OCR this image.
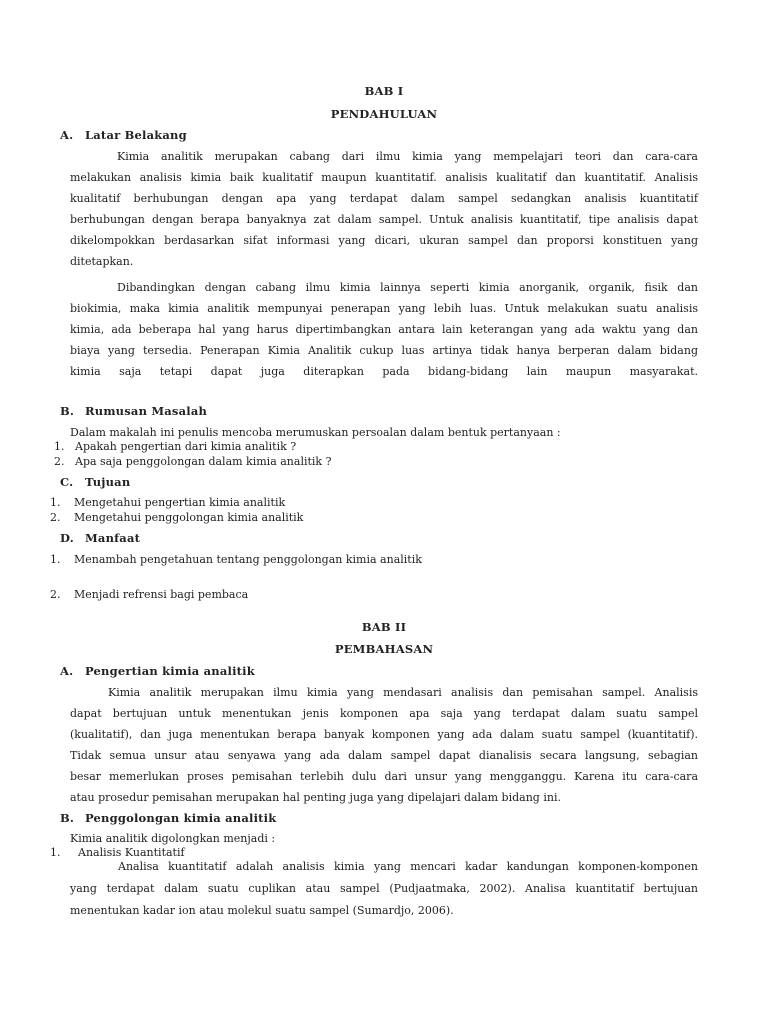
BAB I
PENDAHULUAN
A. Latar Belakang
Kimia analitik merupakan cabang dari ilmu kimia yang mempelajari teori dan cara-cara
melakukan analisis kimia baik kualitatif maupun kuantitatif. analisis kualitatif dan kuantitatif. Analisis
kualitatif berhubungan dengan apa yang terdapat dalam sampel sedangkan analisis kuantitatif
berhubungan dengan berapa banyaknya zat dalam sampel. Untuk analisis kuantitatif, tipe analisis dapat
dikelompokkan berdasarkan sifat informasi yang dicari, ukuran sampel dan proporsi konstituen yang
ditetapkan.
Dibandingkan dengan cabang ilmu kimia lainnya seperti kimia anorganik, organik, fisik dan
biokimia, maka kimia analitik mempunyai penerapan yang lebih luas. Untuk melakukan suatu analisis
kimia, ada beberapa hal yang harus dipertimbangkan antara lain keterangan yang ada waktu yang dan
biaya yang tersedia. Penerapan Kimia Analitik cukup luas artinya tidak hanya berperan dalam bidang
kimia saja tetapi dapat juga diterapkan pada bidang-bidang lain maupun masyarakat.
B. Rumusan Masalah
Dalam makalah ini penulis mencoba merumuskan persoalan dalam bentuk pertanyaan :
1. Apakah pengertian dari kimia analitik ?
2. Apa saja penggolongan dalam kimia analitik ?
C. Tujuan
1. Mengetahui pengertian kimia analitik
2. Mengetahui penggolongan kimia analitik
D. Manfaat
1. Menambah pengetahuan tentang penggolongan kimia analitik
2. Menjadi refrensi bagi pembaca
BAB II
PEMBAHASAN
A. Pengertian kimia analitik
Kimia analitik merupakan ilmu kimia yang mendasari analisis dan pemisahan sampel. Analisis
dapat bertujuan untuk menentukan jenis komponen apa saja yang terdapat dalam suatu sampel
(kualitatif), dan juga menentukan berapa banyak komponen yang ada dalam suatu sampel (kuantitatif).
Tidak semua unsur atau senyawa yang ada dalam sampel dapat dianalisis secara langsung, sebagian
besar memerlukan proses pemisahan terlebih dulu dari unsur yang mengganggu. Karena itu cara-cara
atau prosedur pemisahan merupakan hal penting juga yang dipelajari dalam bidang ini.
B. Penggolongan kimia analitik
Kimia analitik digolongkan menjadi :
1. Analisis Kuantitatif
Analisa kuantitatif adalah analisis kimia yang mencari kadar kandungan komponen-komponen
yang terdapat dalam suatu cuplikan atau sampel (Pudjaatmaka, 2002). Analisa kuantitatif bertujuan
menentukan kadar ion atau molekul suatu sampel (Sumardjo, 2006).
